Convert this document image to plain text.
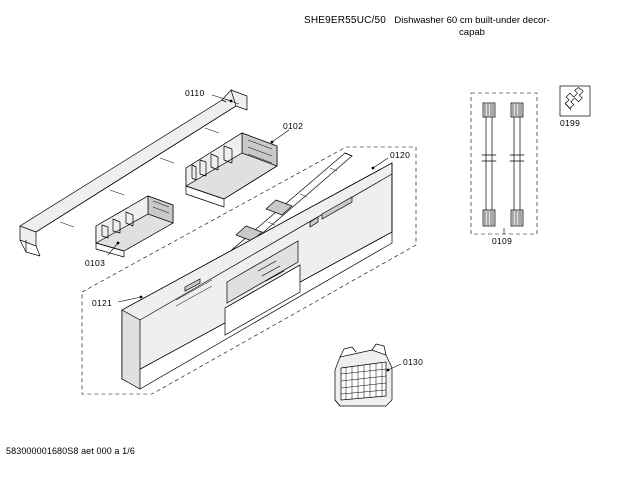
SHE9ER55UC/50 Dishwasher 60 cm built-under decor-capab
0110
0102
0103
0120
0121
0130
0109
0199
583000001680S8 aet 000 a 1/6
